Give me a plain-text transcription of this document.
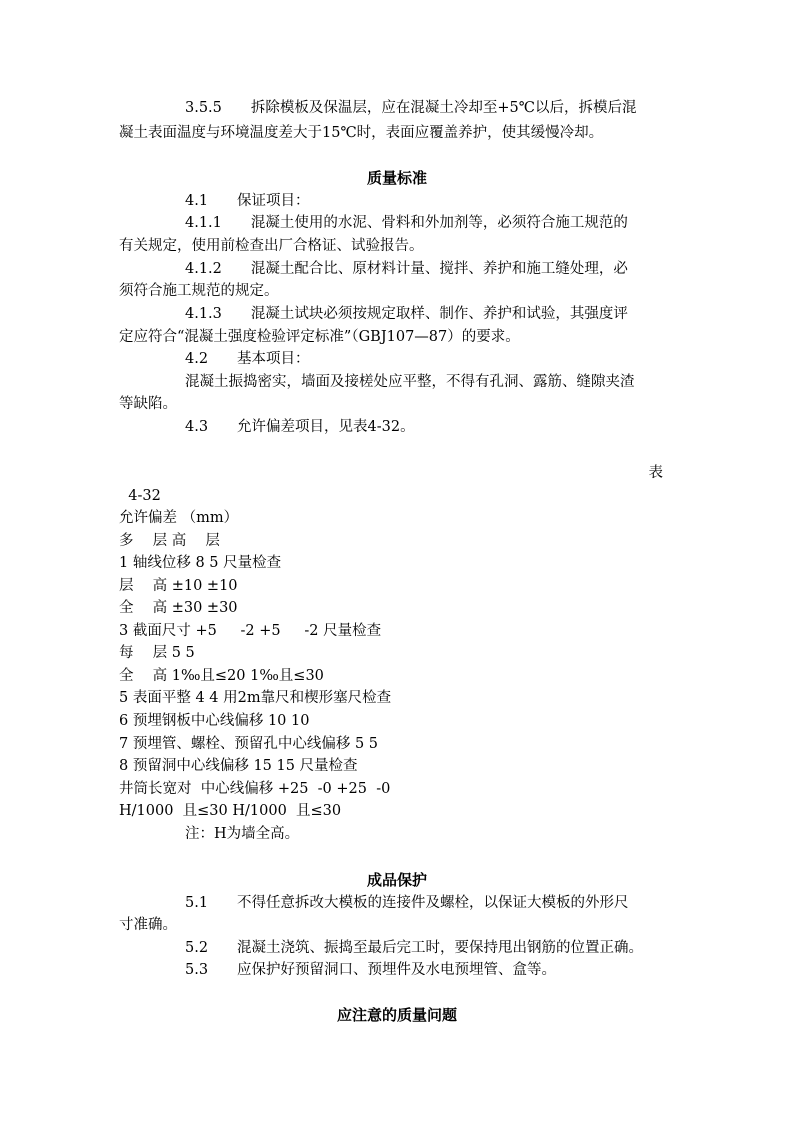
3.5.5　　拆除模板及保温层，应在混凝土冷却至+5℃以后，拆模后混
凝土表面温度与环境温度差大于15℃时，表面应覆盖养护，使其缓慢冷却。
质量标准
4.1　　保证项目：
4.1.1　　混凝土使用的水泥、骨料和外加剂等，必须符合施工规范的
有关规定，使用前检查出厂合格证、试验报告。
4.1.2　　混凝土配合比、原材料计量、搅拌、养护和施工缝处理，必
须符合施工规范的规定。
4.1.3　　混凝土试块必须按规定取样、制作、养护和试验，其强度评
定应符合“混凝土强度检验评定标准”（GBJ107—87）的要求。
4.2　　基本项目：
混凝土振捣密实，墙面及接槎处应平整，不得有孔洞、露筋、缝隙夹渣
等缺陷。
4.3　　允许偏差项目，见表4-32。
表
4-32
允许偏差 （mm）
多　 层 高　 层
1 轴线位移 8 5 尺量检查
层　 高 ±10 ±10
全　 高 ±30 ±30
3 截面尺寸 +5　  -2 +5　  -2 尺量检查
每　 层 5 5
全　 高 1‰且≤20 1‰且≤30
5 表面平整 4 4 用2m靠尺和楔形塞尺检查
6 预埋钢板中心线偏移 10 10
7 预埋管、螺栓、预留孔中心线偏移 5 5
8 预留洞中心线偏移 15 15 尺量检查
井筒长宽对  中心线偏移 +25  -0 +25  -0
H/1000  且≤30 H/1000  且≤30
注：H为墙全高。
成品保护
5.1　　不得任意拆改大模板的连接件及螺栓，以保证大模板的外形尺
寸准确。
5.2　　混凝土浇筑、振捣至最后完工时，要保持甩出钢筋的位置正确。
5.3　　应保护好预留洞口、预埋件及水电预埋管、盒等。
应注意的质量问题
